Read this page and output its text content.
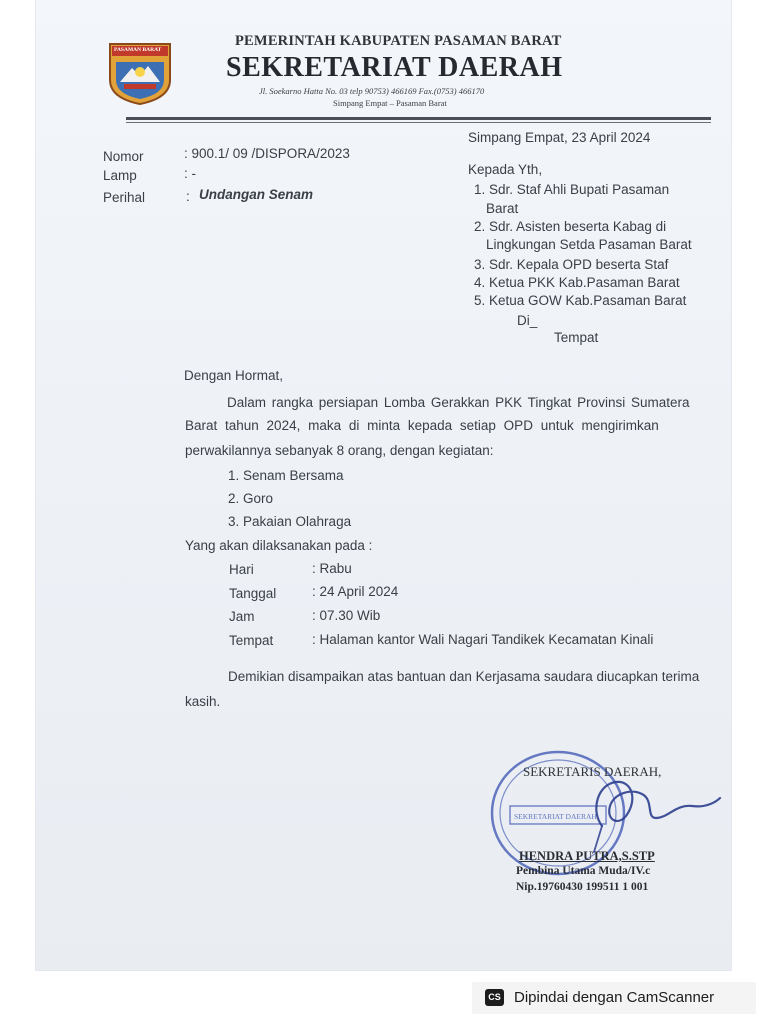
PASAMAN BARAT
PEMERINTAH KABUPATEN PASAMAN BARAT
SEKRETARIAT DAERAH
Jl. Soekarno Hatta No. 03 telp 90753) 466169 Fax.(0753) 466170
Simpang Empat – Pasaman Barat
Simpang Empat, 23 April 2024
Nomor	: 900.1/ 09 /DISPORA/2023
Lamp	: -
Perihal	: Undangan Senam
Kepada Yth,
1. Sdr. Staf Ahli Bupati Pasaman
Barat
2. Sdr. Asisten beserta Kabag di
Lingkungan Setda Pasaman Barat
3. Sdr. Kepala OPD beserta Staf
4. Ketua PKK Kab.Pasaman Barat
5. Ketua GOW Kab.Pasaman Barat
Di_
Tempat
Dengan Hormat,
Dalam rangka persiapan Lomba Gerakkan PKK Tingkat Provinsi Sumatera
Barat tahun 2024, maka di minta kepada setiap OPD untuk mengirimkan
perwakilannya sebanyak 8 orang, dengan kegiatan:
1. Senam Bersama
2. Goro
3. Pakaian Olahraga
Yang akan dilaksanakan pada :
Hari	: Rabu
Tanggal	: 24 April 2024
Jam	: 07.30 Wib
Tempat	: Halaman kantor Wali Nagari Tandikek Kecamatan Kinali
Demikian disampaikan atas bantuan dan Kerjasama saudara diucapkan terima
kasih.
SEKRETARIAT DAERAH
SEKRETARIS DAERAH,
HENDRA PUTRA,S.STP
Pembina Utama Muda/IV.c
Nip.19760430 199511 1 001
CS Dipindai dengan CamScanner
